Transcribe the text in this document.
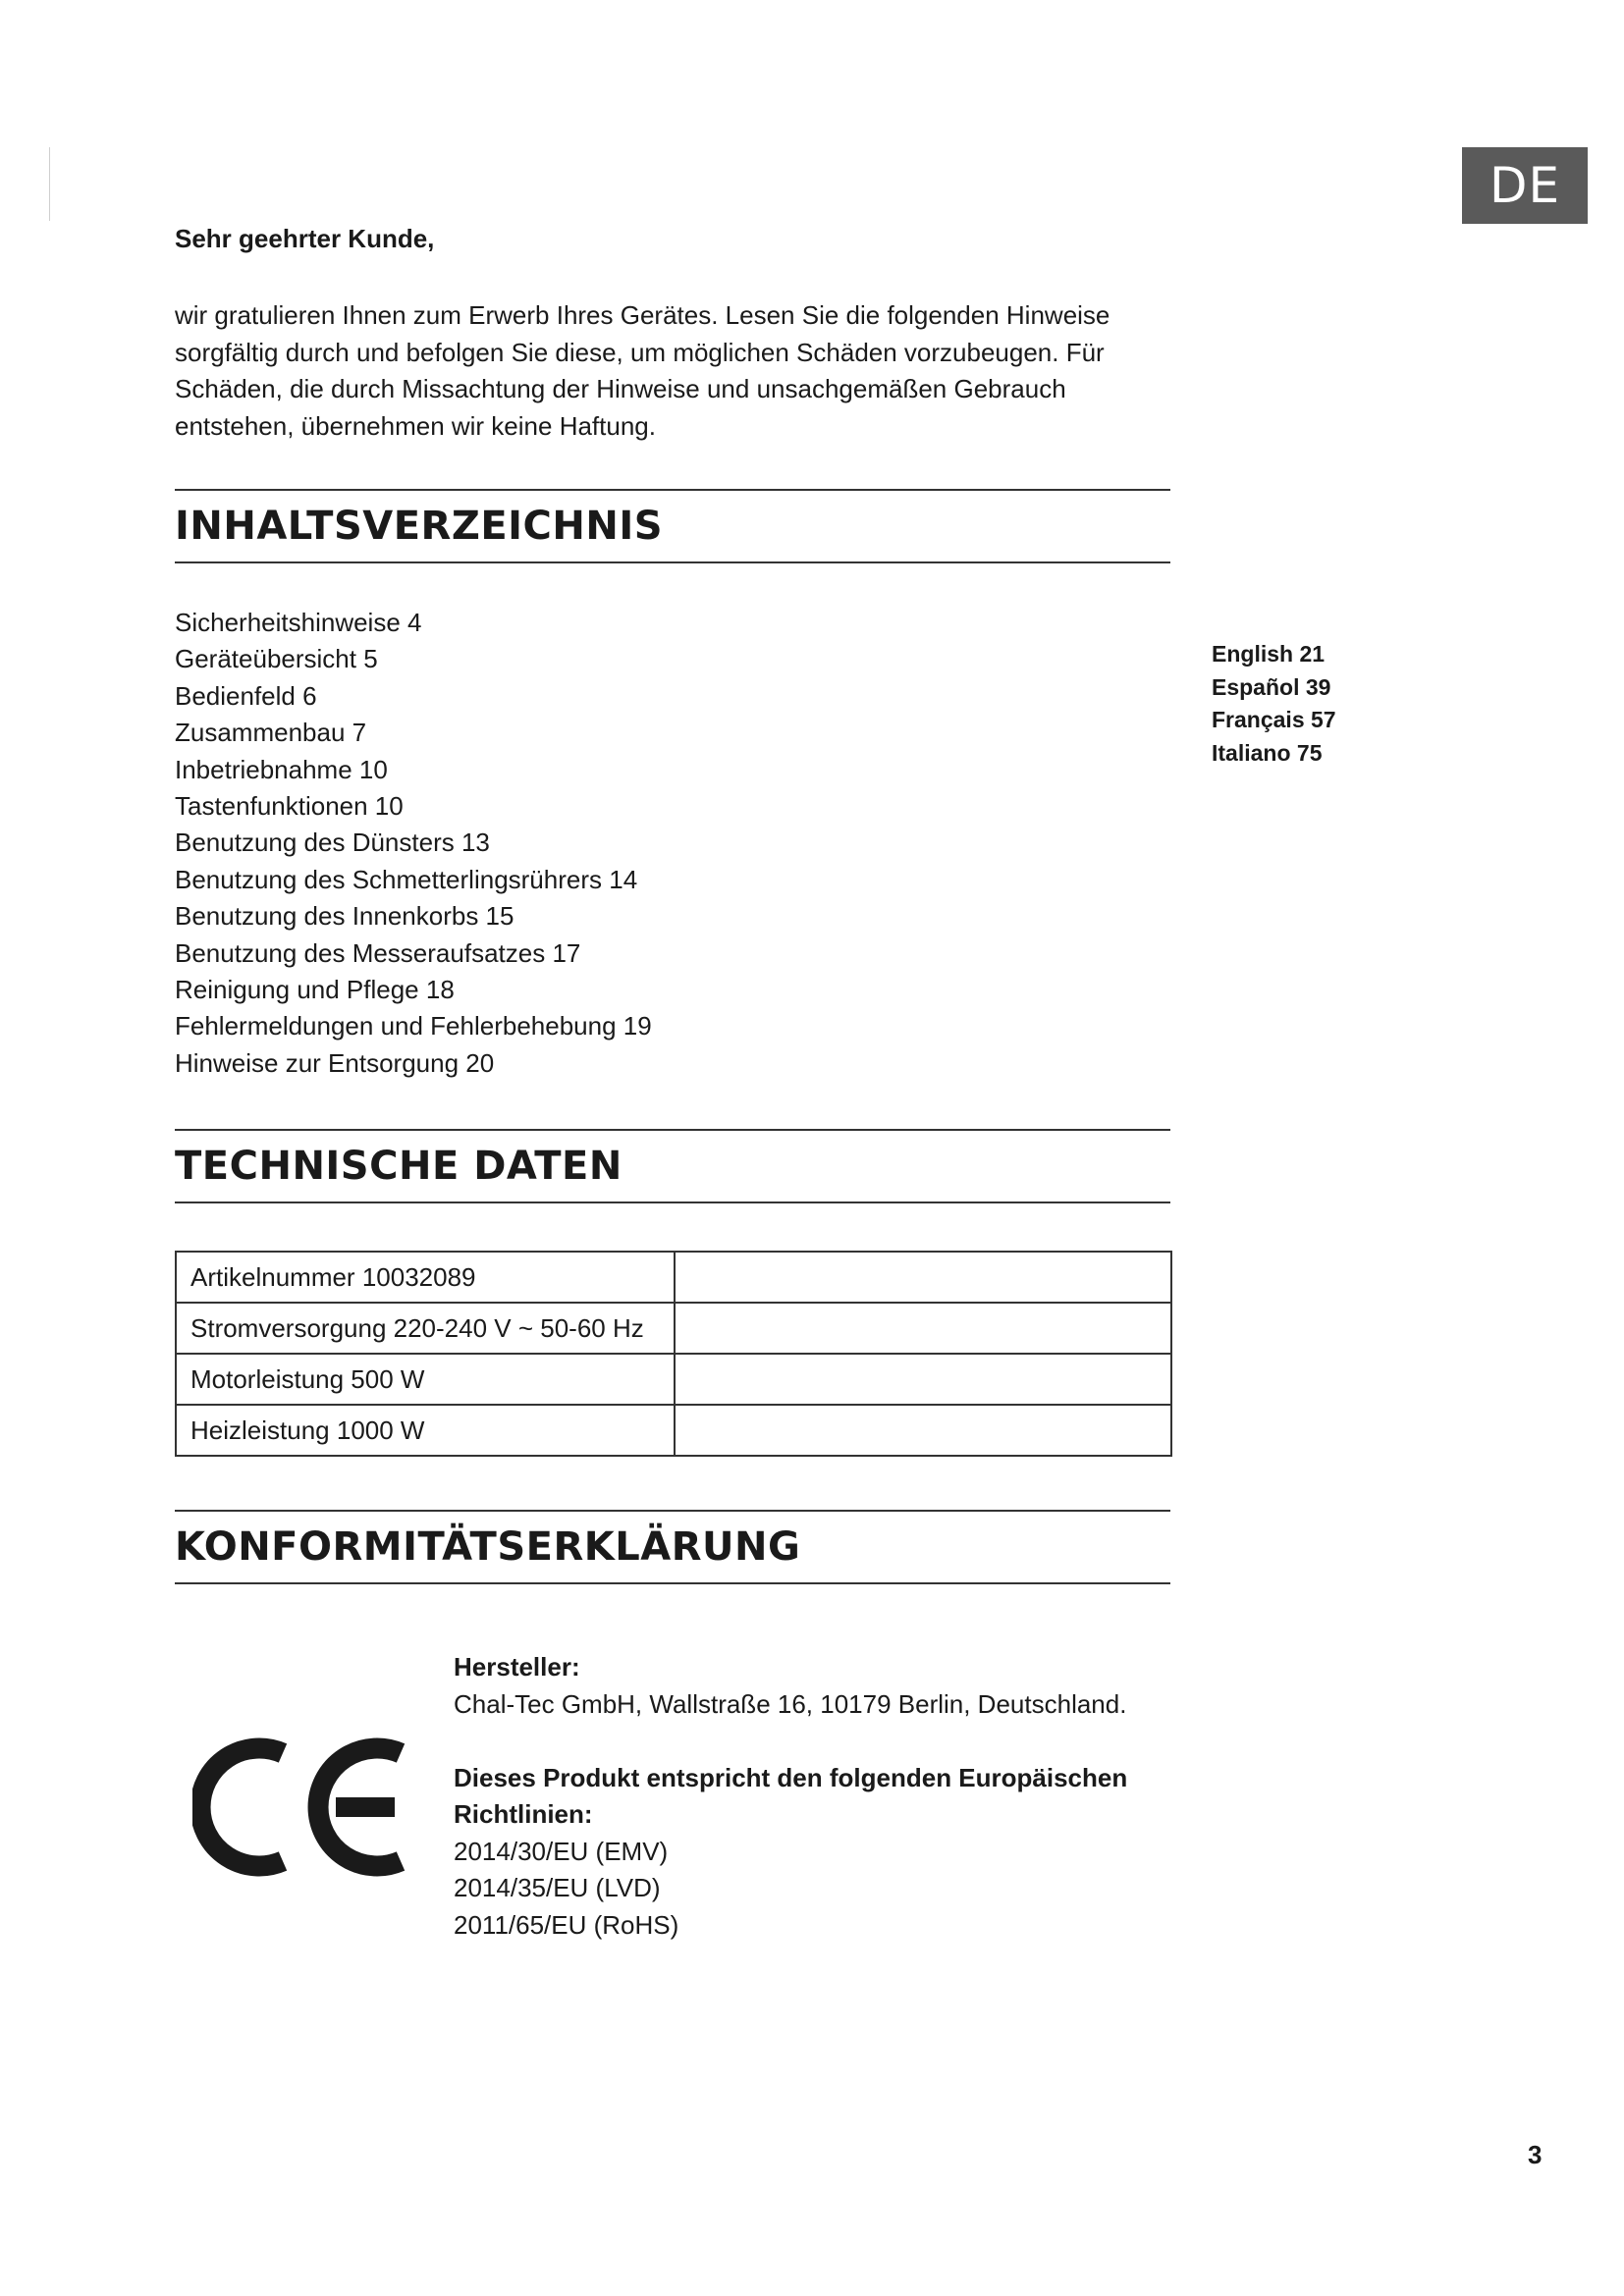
DE
Sehr geehrter Kunde,
wir gratulieren Ihnen zum Erwerb Ihres Gerätes. Lesen Sie die folgenden Hinweise
sorgfältig durch und befolgen Sie diese, um möglichen Schäden vorzubeugen. Für
Schäden, die durch Missachtung der Hinweise und unsachgemäßen Gebrauch
entstehen, übernehmen wir keine Haftung.
INHALTSVERZEICHNIS
Sicherheitshinweise 4
Geräteübersicht 5
Bedienfeld 6
Zusammenbau 7
Inbetriebnahme 10
Tastenfunktionen 10
Benutzung des Dünsters 13
Benutzung des Schmetterlingsrührers 14
Benutzung des Innenkorbs 15
Benutzung des Messeraufsatzes 17
Reinigung und Pflege 18
Fehlermeldungen und Fehlerbehebung 19
Hinweise zur Entsorgung 20
English 21
Español 39
Français 57
Italiano 75
TECHNISCHE DATEN
Artikelnummer 10032089	
Stromversorgung 220-240 V ~ 50-60 Hz	
Motorleistung 500 W	
Heizleistung 1000 W	
KONFORMITÄTSERKLÄRUNG
Hersteller:
Chal-Tec GmbH, Wallstraße 16, 10179 Berlin, Deutschland.
Dieses Produkt entspricht den folgenden Europäischen
Richtlinien:
2014/30/EU (EMV)
2014/35/EU (LVD)
2011/65/EU (RoHS)
3
